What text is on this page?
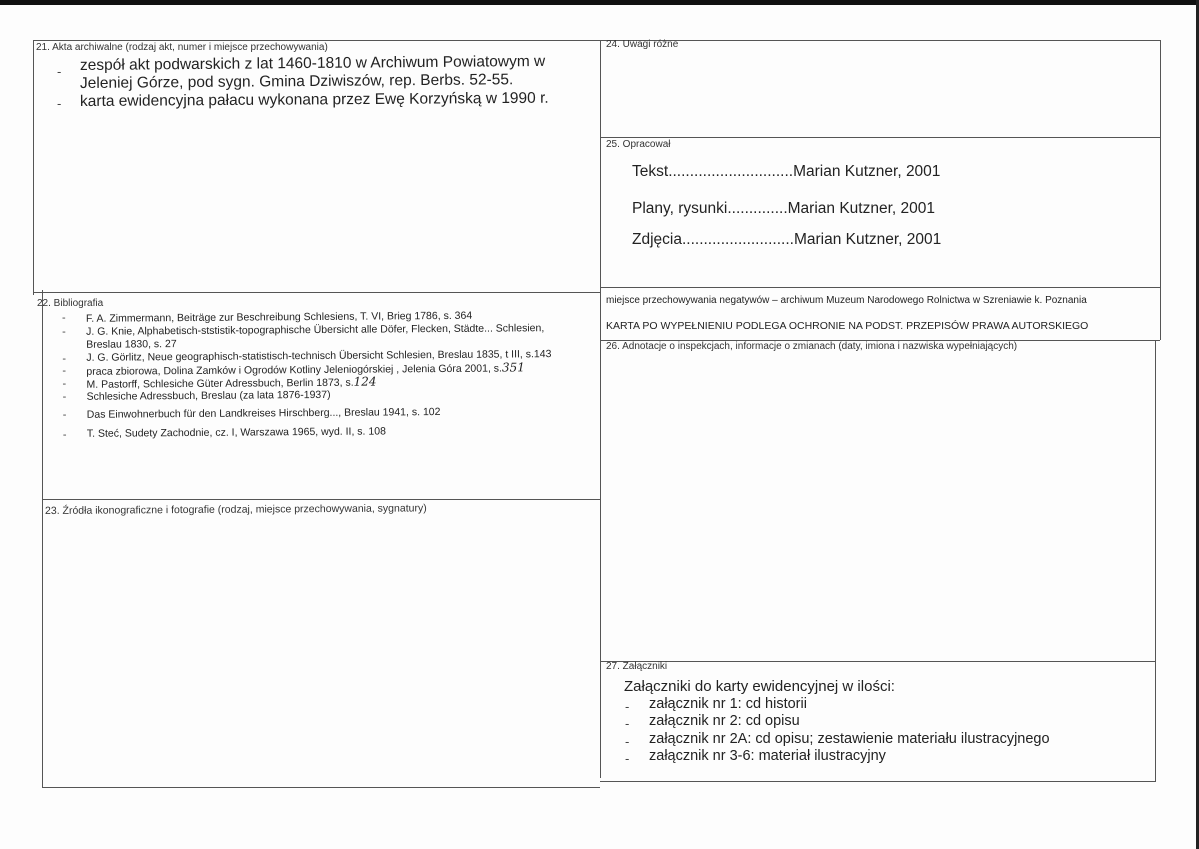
21. Akta archiwalne (rodzaj akt, numer i miejsce przechowywania)
- zespół akt podwarskich z lat 1460-1810 w Archiwum Powiatowym w
Jeleniej Górze, pod sygn. Gmina Dziwiszów, rep. Berbs. 52-55.
- karta ewidencyjna pałacu wykonana przez Ewę Korzyńską w 1990 r.
22. Bibliografia
- F. A. Zimmermann, Beiträge zur Beschreibung Schlesiens, T. VI, Brieg 1786, s. 364
- J. G. Knie, Alphabetisch-ststistik-topographische Übersicht alle Döfer, Flecken, Städte... Schlesien,
Breslau 1830, s. 27
- J. G. Görlitz, Neue geographisch-statistisch-technisch Übersicht Schlesien, Breslau 1835, t III, s.143
- praca zbiorowa, Dolina Zamków i Ogrodów Kotliny Jeleniogórskiej , Jelenia Góra 2001, s.351
- M. Pastorff, Schlesiche Güter Adressbuch, Berlin 1873, s.124
- Schlesiche Adressbuch, Breslau (za lata 1876-1937)
- Das Einwohnerbuch für den Landkreises Hirschberg..., Breslau 1941, s. 102
- T. Steć, Sudety Zachodnie, cz. I, Warszawa 1965, wyd. II, s. 108
23. Źródła ikonograficzne i fotografie (rodzaj, miejsce przechowywania, sygnatury)
24. Uwagi różne
25. Opracował
Tekst.............................Marian Kutzner, 2001
Plany, rysunki..............Marian Kutzner, 2001
Zdjęcia..........................Marian Kutzner, 2001
miejsce przechowywania negatywów – archiwum Muzeum Narodowego Rolnictwa w Szreniawie k. Poznania
KARTA PO WYPEŁNIENIU PODLEGA OCHRONIE NA PODST. PRZEPISÓW PRAWA AUTORSKIEGO
26. Adnotacje o inspekcjach, informacje o zmianach (daty, imiona i nazwiska wypełniających)
27. Załączniki
Załączniki do karty ewidencyjnej w ilości:
- załącznik nr 1: cd historii
- załącznik nr 2: cd opisu
- załącznik nr 2A: cd opisu; zestawienie materiału ilustracyjnego
- załącznik nr 3-6: materiał ilustracyjny
